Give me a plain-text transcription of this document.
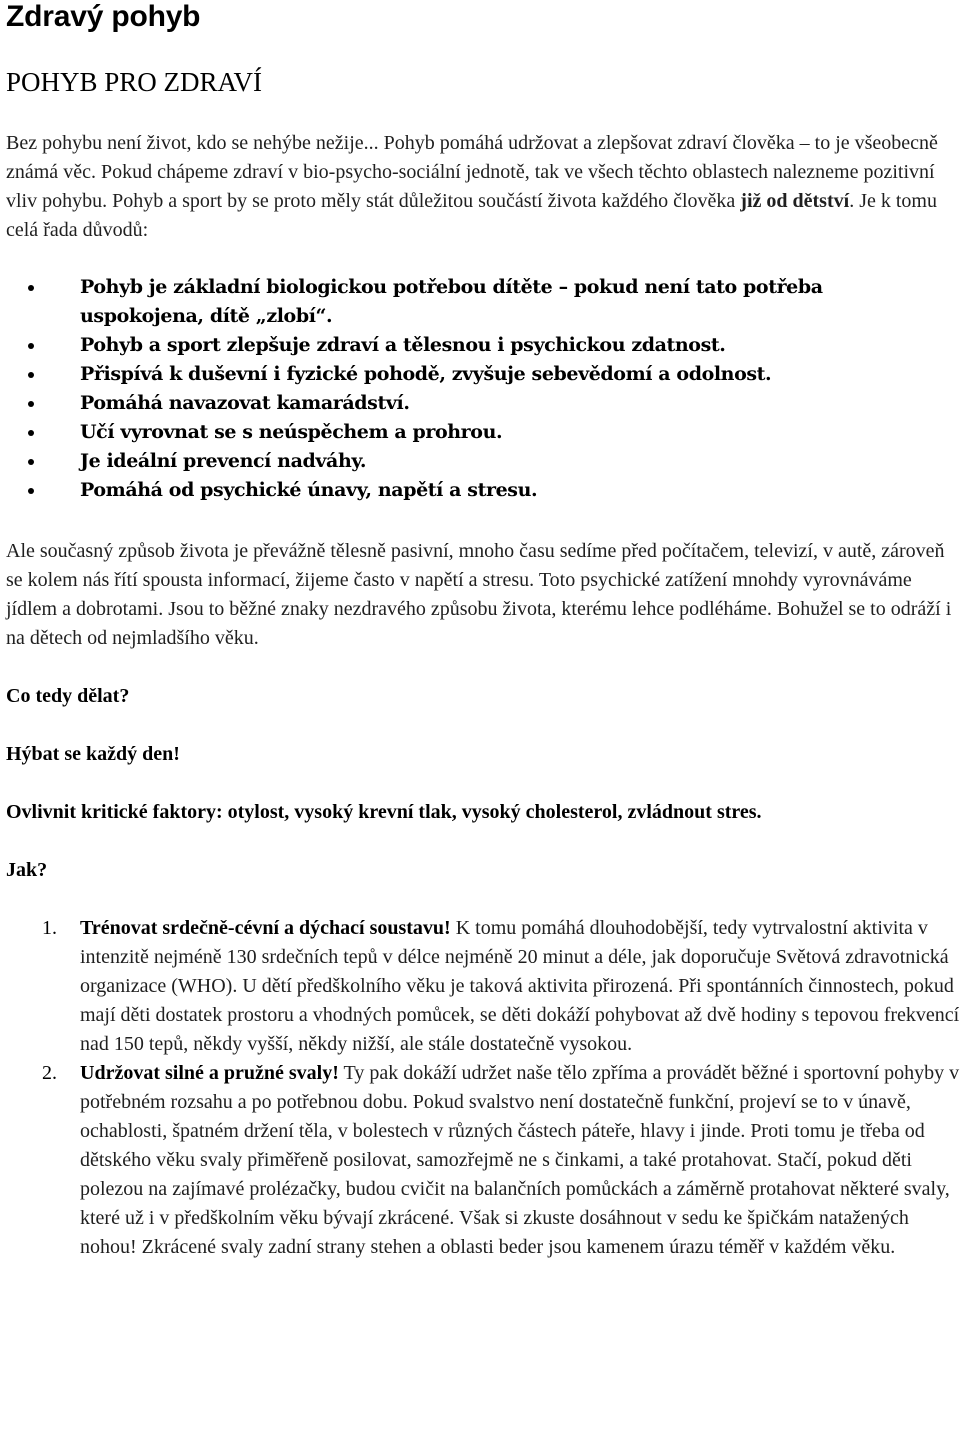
Zdravý pohyb
POHYB PRO ZDRAVÍ

Bez pohybu není život, kdo se nehýbe nežije... Pohyb pomáhá udržovat a zlepšovat zdraví člověka – to je všeobecně známá věc. Pokud chápeme zdraví v bio-psycho-sociální jednotě, tak ve všech těchto oblastech nalezneme pozitivní vliv pohybu. Pohyb a sport by se proto měly stát důležitou součástí života každého člověka již od dětství. Je k tomu celá řada důvodů:

Pohyb je základní biologickou potřebou dítěte – pokud není tato potřeba uspokojena, dítě „zlobí“.
Pohyb a sport zlepšuje zdraví a tělesnou i psychickou zdatnost.
Přispívá k duševní i fyzické pohodě, zvyšuje sebevědomí a odolnost.
Pomáhá navazovat kamarádství.
Učí vyrovnat se s neúspěchem a prohrou.
Je ideální prevencí nadváhy.
Pomáhá od psychické únavy, napětí a stresu.

Ale současný způsob života je převážně tělesně pasivní, mnoho času sedíme před počítačem, televizí, v autě, zároveň se kolem nás řítí spousta informací, žijeme často v napětí a stresu. Toto psychické zatížení mnohdy vyrovnáváme jídlem a dobrotami. Jsou to běžné znaky nezdravého způsobu života, kterému lehce podléháme. Bohužel se to odráží i na dětech od nejmladšího věku.

Co tedy dělat?

Hýbat se každý den!

Ovlivnit kritické faktory: otylost, vysoký krevní tlak, vysoký cholesterol, zvládnout stres.

Jak?

1. Trénovat srdečně-cévní a dýchací soustavu! K tomu pomáhá dlouhodobější, tedy vytrvalostní aktivita v intenzitě nejméně 130 srdečních tepů v délce nejméně 20 minut a déle, jak doporučuje Světová zdravotnická organizace (WHO). U dětí předškolního věku je taková aktivita přirozená. Při spontánních činnostech, pokud mají děti dostatek prostoru a vhodných pomůcek, se děti dokáží pohybovat až dvě hodiny s tepovou frekvencí nad 150 tepů, někdy vyšší, někdy nižší, ale stále dostatečně vysokou.
2. Udržovat silné a pružné svaly! Ty pak dokáží udržet naše tělo zpříma a provádět běžné i sportovní pohyby v potřebném rozsahu a po potřebnou dobu. Pokud svalstvo není dostatečně funkční, projeví se to v únavě, ochablosti, špatném držení těla, v bolestech v různých částech páteře, hlavy i jinde. Proti tomu je třeba od dětského věku svaly přiměřeně posilovat, samozřejmě ne s činkami, a také protahovat. Stačí, pokud děti polezou na zajímavé prolézačky, budou cvičit na balančních pomůckách a záměrně protahovat některé svaly, které už i v předškolním věku bývají zkrácené. Však si zkuste dosáhnout v sedu ke špičkám natažených nohou! Zkrácené svaly zadní strany stehen a oblasti beder jsou kamenem úrazu téměř v každém věku.
